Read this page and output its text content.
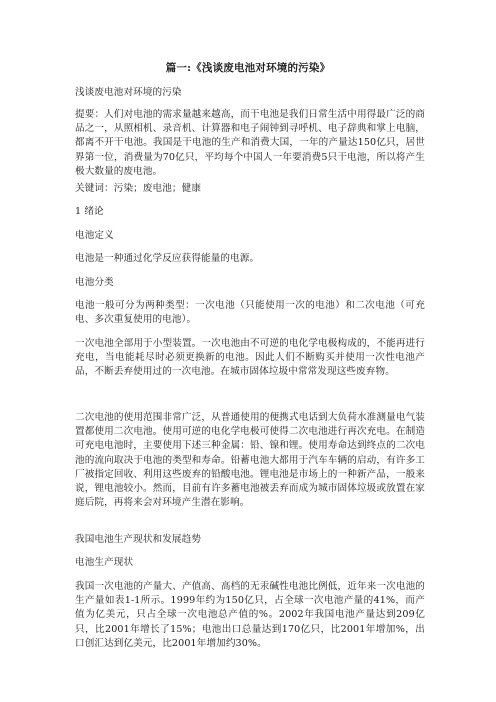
篇一:《浅谈废电池对环境的污染》

浅谈废电池对环境的污染

提要：人们对电池的需求量越来越高，而干电池是我们日常生活中用得最广泛的商品之一，从照相机、录音机、计算器和电子闹钟到寻呼机、电子辞典和掌上电脑，都离不开干电池。我国是干电池的生产和消费大国，一年的产量达150亿只，居世界第一位，消费量为70亿只，平均每个中国人一年要消费5只干电池，所以将产生极大数量的废电池。

关键词：污染；废电池；健康

1 绪论

电池定义

电池是一种通过化学反应获得能量的电源。

电池分类

电池一般可分为两种类型：一次电池（只能使用一次的电池）和二次电池（可充电、多次重复使用的电池）。

一次电池全部用于小型装置。一次电池由不可逆的电化学电极构成的，不能再进行充电，当电能耗尽时必须更换新的电池。因此人们不断购买并使用一次性电池产品，不断丢弃使用过的一次电池。在城市固体垃圾中常常发现这些废弃物。

二次电池的使用范围非常广泛，从普通使用的便携式电话到大负荷水准测量电气装置都使用二次电池。使用可逆的电化学电极可使得二次电池进行再次充电。在制造可充电电池时，主要使用下述三种金属：铅、镍和锂。使用寿命达到终点的二次电池的流向取决于电池的类型和寿命。铅蓄电池大都用于汽车车辆的启动，有许多工厂被指定回收、利用这些废弃的铅酸电池。锂电池是市场上的一种新产品，一般来说，锂电池较小。然而，目前有许多蓄电池被丢弃而成为城市固体垃圾或放置在家庭后院，再将来会对环境产生潜在影响。

我国电池生产现状和发展趋势

电池生产现状

我国一次电池的产量大、产值高、高档的无汞碱性电池比例低，近年来一次电池的生产量如表1-1所示。1999年约为150亿只，占全球一次电池产量的41%，而产值为亿美元，只占全球一次电池总产值的%。2002年我国电池产量达到209亿只，比2001年增长了15%；电池出口总量达到170亿只，比2001年增加%，出口创汇达到亿美元，比2001年增加约30%。
